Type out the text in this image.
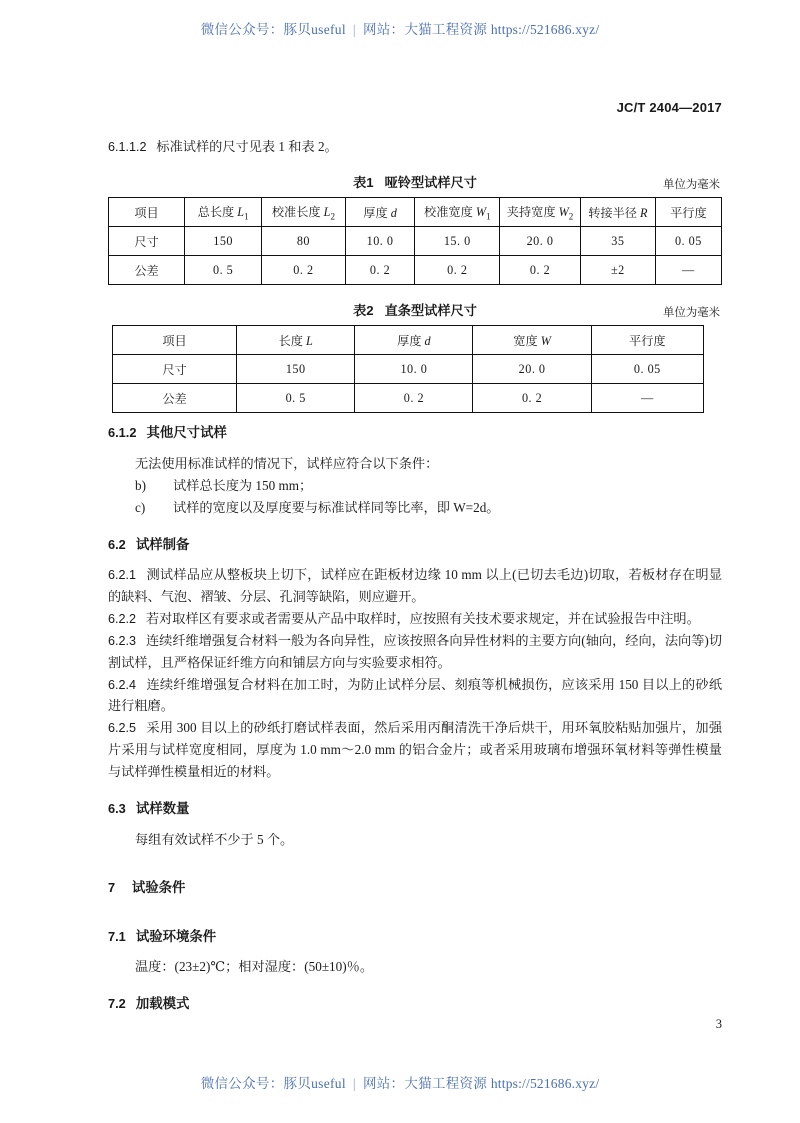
微信公众号：豚贝useful | 网站：大猫工程资源 https://521686.xyz/
JC/T 2404—2017

6.1.1.2 标准试样的尺寸见表 1 和表 2。

表1 哑铃型试样尺寸	单位为毫米

项目	总长度 $L_1$	校准长度 $L_2$	厚度 d	校准宽度 $W_1$	夹持宽度 $W_2$	转接半径 R	平行度
尺寸	150	80	10. 0	15. 0	20. 0	35	0. 05
公差	0. 5	0. 2	0. 2	0. 2	0. 2	±2	—

表2 直条型试样尺寸	单位为毫米

项目	长度 L	厚度 d	宽度 W	平行度
尺寸	150	10. 0	20. 0	0. 05
公差	0. 5	0. 2	0. 2	—

6.1.2 其他尺寸试样

无法使用标准试样的情况下，试样应符合以下条件：

b)	试样总长度为 150 mm；

c)	试样的宽度以及厚度要与标准试样同等比率，即 W=2d。

6.2 试样制备

6.2.1 测试样品应从整板块上切下，试样应在距板材边缘 10 mm 以上(已切去毛边)切取，若板材存在明显的缺料、气泡、褶皱、分层、孔洞等缺陷，则应避开。

6.2.2 若对取样区有要求或者需要从产品中取样时，应按照有关技术要求规定，并在试验报告中注明。

6.2.3 连续纤维增强复合材料一般为各向异性，应该按照各向异性材料的主要方向(轴向，经向，法向等)切割试样，且严格保证纤维方向和铺层方向与实验要求相符。

6.2.4 连续纤维增强复合材料在加工时，为防止试样分层、刻痕等机械损伤，应该采用 150 目以上的砂纸进行粗磨。

6.2.5 采用 300 目以上的砂纸打磨试样表面，然后采用丙酮清洗干净后烘干，用环氧胶粘贴加强片，加强片采用与试样宽度相同，厚度为 1.0 mm～2.0 mm 的铝合金片；或者采用玻璃布增强环氧材料等弹性模量与试样弹性模量相近的材料。

6.3 试样数量

每组有效试样不少于 5 个。

7 试验条件

7.1 试验环境条件

温度：(23±2)℃；相对湿度：(50±10)％。

7.2 加载模式

3
微信公众号：豚贝useful | 网站：大猫工程资源 https://521686.xyz/
